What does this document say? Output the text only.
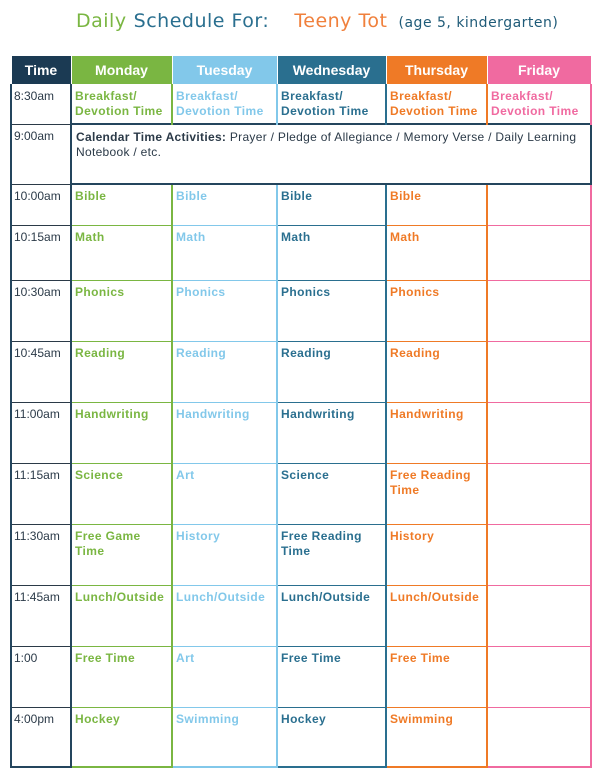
Daily Schedule For: Teeny Tot (age 5, kindergarten)
Time	Monday	Tuesday	Wednesday	Thursday	Friday
8:30am	Breakfast/ Devotion Time	Breakfast/ Devotion Time	Breakfast/ Devotion Time	Breakfast/ Devotion Time	Breakfast/ Devotion Time
9:00am	Calendar Time Activities: Prayer / Pledge of Allegiance / Memory Verse / Daily Learning Notebook / etc.				
10:00am	Bible	Bible	Bible	Bible	
10:15am	Math	Math	Math	Math	
10:30am	Phonics	Phonics	Phonics	Phonics	
10:45am	Reading	Reading	Reading	Reading	
11:00am	Handwriting	Handwriting	Handwriting	Handwriting	
11:15am	Science	Art	Science	Free Reading Time	
11:30am	Free Game Time	History	Free Reading Time	History	
11:45am	Lunch/Outside	Lunch/Outside	Lunch/Outside	Lunch/Outside	
1:00	Free Time	Art	Free Time	Free Time	
4:00pm	Hockey	Swimming	Hockey	Swimming	
